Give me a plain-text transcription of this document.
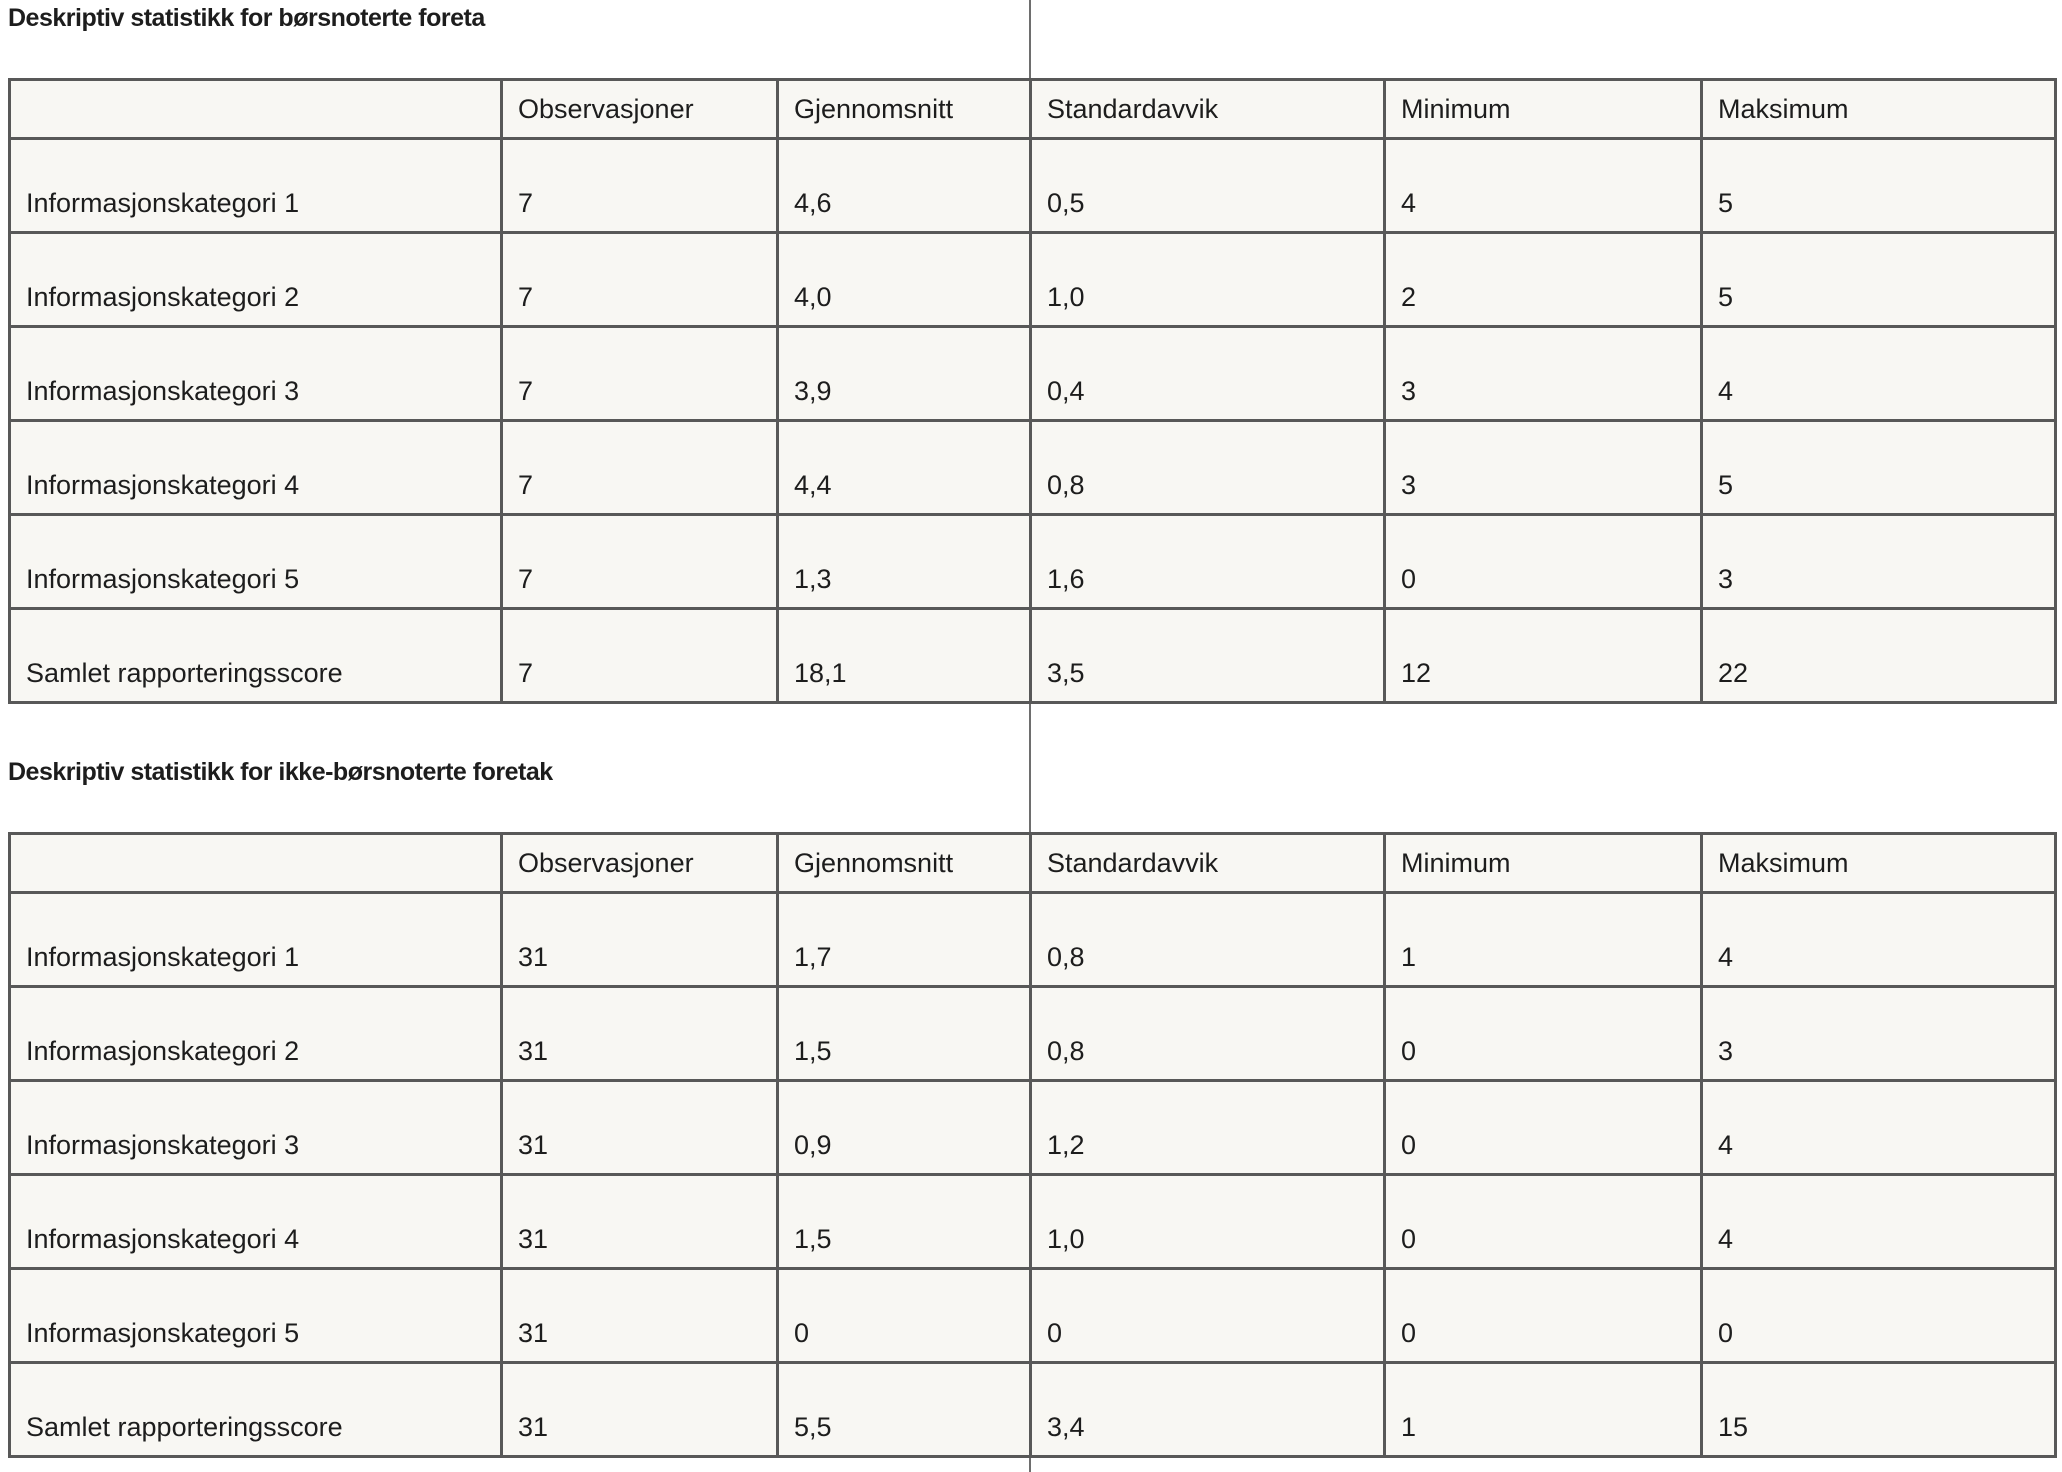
Deskriptiv statistikk for børsnoterte foreta
	Observasjoner	Gjennomsnitt	Standardavvik	Minimum	Maksimum
Informasjonskategori 1	7	4,6	0,5	4	5
Informasjonskategori 2	7	4,0	1,0	2	5
Informasjonskategori 3	7	3,9	0,4	3	4
Informasjonskategori 4	7	4,4	0,8	3	5
Informasjonskategori 5	7	1,3	1,6	0	3
Samlet rapporteringsscore	7	18,1	3,5	12	22
Deskriptiv statistikk for ikke-børsnoterte foretak
	Observasjoner	Gjennomsnitt	Standardavvik	Minimum	Maksimum
Informasjonskategori 1	31	1,7	0,8	1	4
Informasjonskategori 2	31	1,5	0,8	0	3
Informasjonskategori 3	31	0,9	1,2	0	4
Informasjonskategori 4	31	1,5	1,0	0	4
Informasjonskategori 5	31	0	0	0	0
Samlet rapporteringsscore	31	5,5	3,4	1	15
